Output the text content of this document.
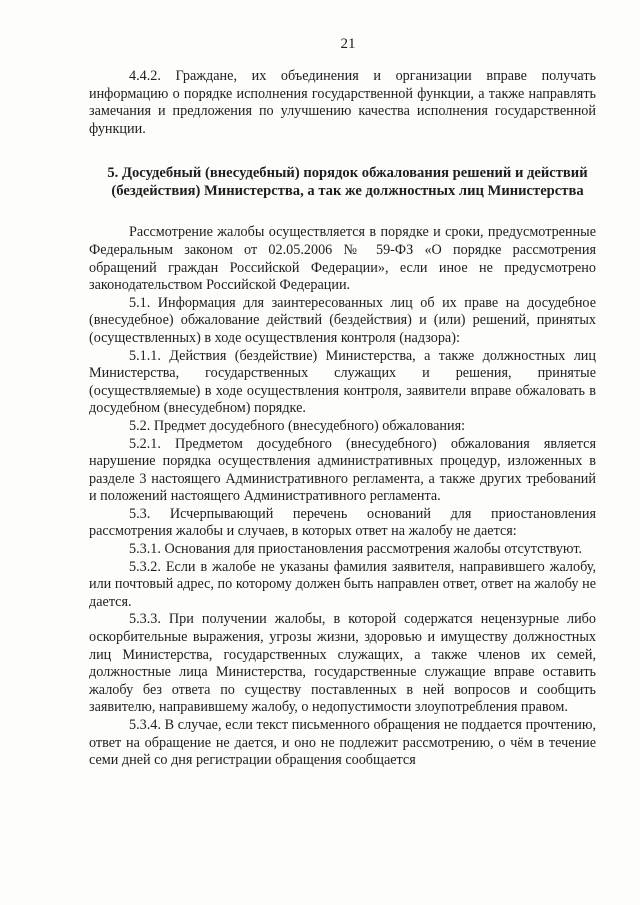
21

4.4.2. Граждане, их объединения и организации вправе получать информацию о порядке исполнения государственной функции, а также направлять замечания и предложения по улучшению качества исполнения государственной функции.

5. Досудебный (внесудебный) порядок обжалования решений и действий (бездействия) Министерства, а так же должностных лиц Министерства

Рассмотрение жалобы осуществляется в порядке и сроки, предусмотренные Федеральным законом от 02.05.2006 № 59-ФЗ «О порядке рассмотрения обращений граждан Российской Федерации», если иное не предусмотрено законодательством Российской Федерации.

5.1. Информация для заинтересованных лиц об их праве на досудебное (внесудебное) обжалование действий (бездействия) и (или) решений, принятых (осуществленных) в ходе осуществления контроля (надзора):

5.1.1. Действия (бездействие) Министерства, а также должностных лиц Министерства, государственных служащих и решения, принятые (осуществляемые) в ходе осуществления контроля, заявители вправе обжаловать в досудебном (внесудебном) порядке.

5.2. Предмет досудебного (внесудебного) обжалования:

5.2.1. Предметом досудебного (внесудебного) обжалования является нарушение порядка осуществления административных процедур, изложенных в разделе 3 настоящего Административного регламента, а также других требований и положений настоящего Административного регламента.

5.3. Исчерпывающий перечень оснований для приостановления рассмотрения жалобы и случаев, в которых ответ на жалобу не дается:

5.3.1. Основания для приостановления рассмотрения жалобы отсутствуют.

5.3.2. Если в жалобе не указаны фамилия заявителя, направившего жалобу, или почтовый адрес, по которому должен быть направлен ответ, ответ на жалобу не дается.

5.3.3. При получении жалобы, в которой содержатся нецензурные либо оскорбительные выражения, угрозы жизни, здоровью и имуществу должностных лиц Министерства, государственных служащих, а также членов их семей, должностные лица Министерства, государственные служащие вправе оставить жалобу без ответа по существу поставленных в ней вопросов и сообщить заявителю, направившему жалобу, о недопустимости злоупотребления правом.

5.3.4. В случае, если текст письменного обращения не поддается прочтению, ответ на обращение не дается, и оно не подлежит рассмотрению, о чём в течение семи дней со дня регистрации обращения сообщается
